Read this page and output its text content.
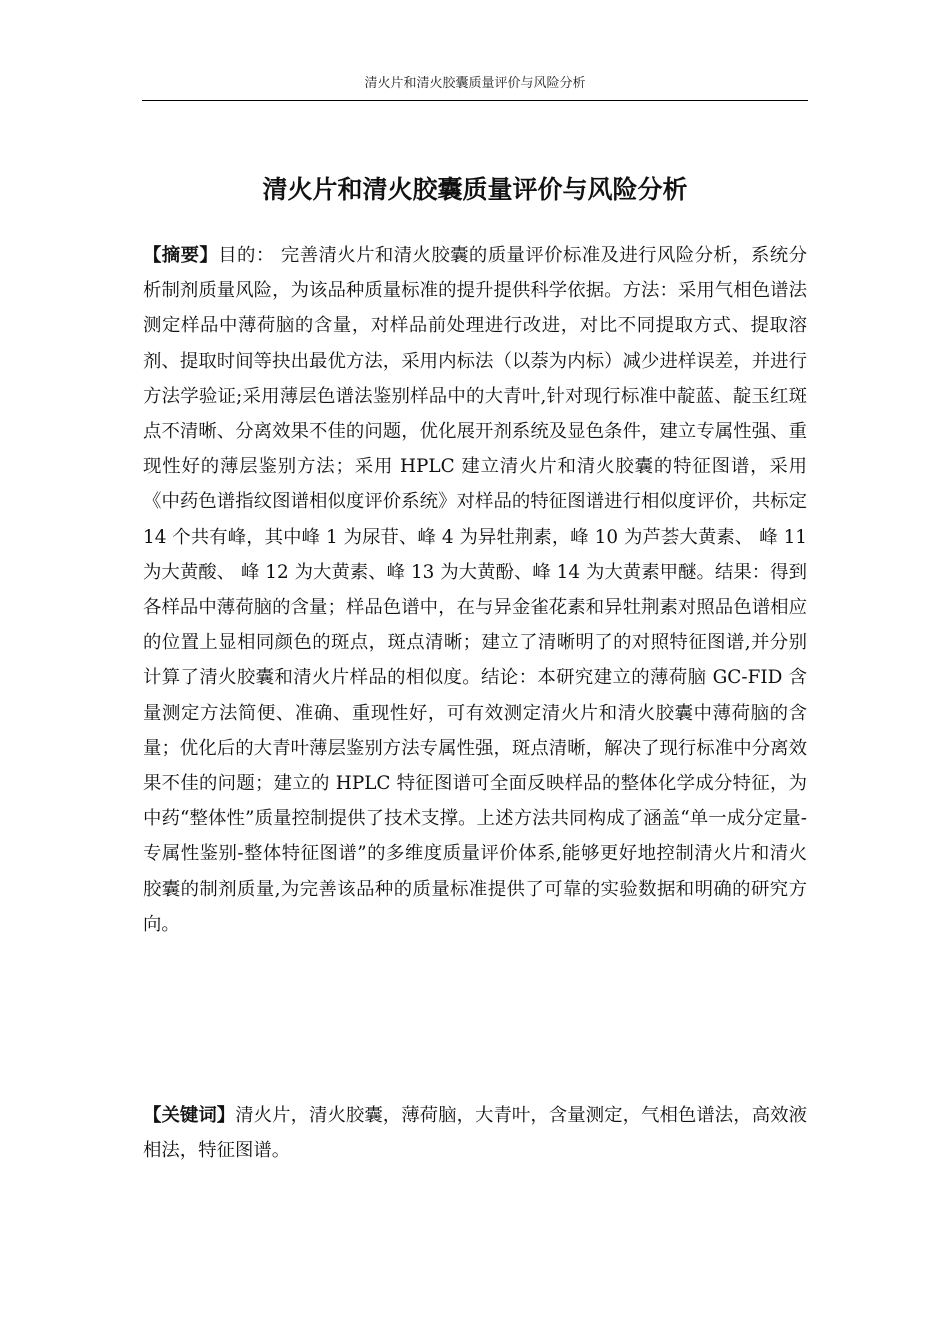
清火片和清火胶囊质量评价与风险分析
清火片和清火胶囊质量评价与风险分析

【摘要】目的： 完善清火片和清火胶囊的质量评价标准及进行风险分析，系统分析制剂质量风险，为该品种质量标准的提升提供科学依据。方法：采用气相色谱法测定样品中薄荷脑的含量，对样品前处理进行改进，对比不同提取方式、提取溶剂、提取时间等抉出最优方法，采用内标法（以萘为内标）减少进样误差，并进行方法学验证;采用薄层色谱法鉴别样品中的大青叶,针对现行标准中靛蓝、靛玉红斑点不清晰、分离效果不佳的问题，优化展开剂系统及显色条件，建立专属性强、重现性好的薄层鉴别方法；采用 HPLC 建立清火片和清火胶囊的特征图谱，采用《中药色谱指纹图谱相似度评价系统》对样品的特征图谱进行相似度评价，共标定 14 个共有峰，其中峰 1 为尿苷、峰 4 为异牡荆素，峰 10 为芦荟大黄素、 峰 11 为大黄酸、 峰 12 为大黄素、峰 13 为大黄酚、峰 14 为大黄素甲醚。结果：得到各样品中薄荷脑的含量；样品色谱中，在与异金雀花素和异牡荆素对照品色谱相应的位置上显相同颜色的斑点，斑点清晰；建立了清晰明了的对照特征图谱,并分别计算了清火胶囊和清火片样品的相似度。结论：本研究建立的薄荷脑 GC-FID 含量测定方法简便、准确、重现性好，可有效测定清火片和清火胶囊中薄荷脑的含量；优化后的大青叶薄层鉴别方法专属性强，斑点清晰，解决了现行标准中分离效果不佳的问题；建立的 HPLC 特征图谱可全面反映样品的整体化学成分特征，为中药“整体性”质量控制提供了技术支撑。上述方法共同构成了涵盖“单一成分定量-专属性鉴别-整体特征图谱”的多维度质量评价体系,能够更好地控制清火片和清火胶囊的制剂质量,为完善该品种的质量标准提供了可靠的实验数据和明确的研究方向。

【关键词】清火片，清火胶囊，薄荷脑，大青叶，含量测定，气相色谱法，高效液相法，特征图谱。
